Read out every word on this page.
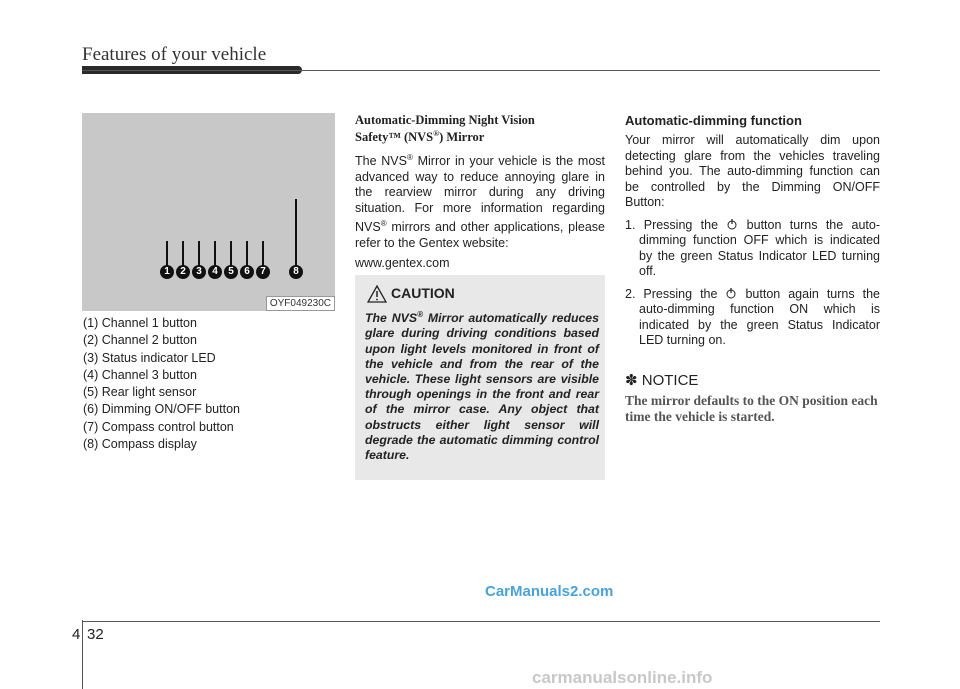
Features of your vehicle
1	2	3	4	5	6	7	8
OYF049230C
(1) Channel 1 button
(2) Channel 2 button
(3) Status indicator LED
(4) Channel 3 button
(5) Rear light sensor
(6) Dimming ON/OFF button
(7) Compass control button
(8) Compass display
Automatic-Dimming Night Vision
Safety™ (NVS®) Mirror

The NVS® Mirror in your vehicle is the most advanced way to reduce annoying glare in the rearview mirror during any driving situation. For more information regarding NVS® mirrors and other applications, please refer to the Gentex website:

www.gentex.com

CAUTION
The NVS® Mirror automatically reduces glare during driving conditions based upon light levels monitored in front of the vehicle and from the rear of the vehicle. These light sensors are visible through openings in the front and rear of the mirror case. Any object that obstructs either light sensor will degrade the automatic dimming control feature.

Automatic-dimming function

Your mirror will automatically dim upon detecting glare from the vehicles traveling behind you. The auto-dimming function can be controlled by the Dimming ON/OFF Button:

1. Pressing the  button turns the auto-dimming function OFF which is indicated by the green Status Indicator LED turning off.
2. Pressing the  button again turns the auto-dimming function ON which is indicated by the green Status Indicator LED turning on.

✽ NOTICE

The mirror defaults to the ON position each time the vehicle is started.
4 32
CarManuals2.com
carmanualsonline.info
